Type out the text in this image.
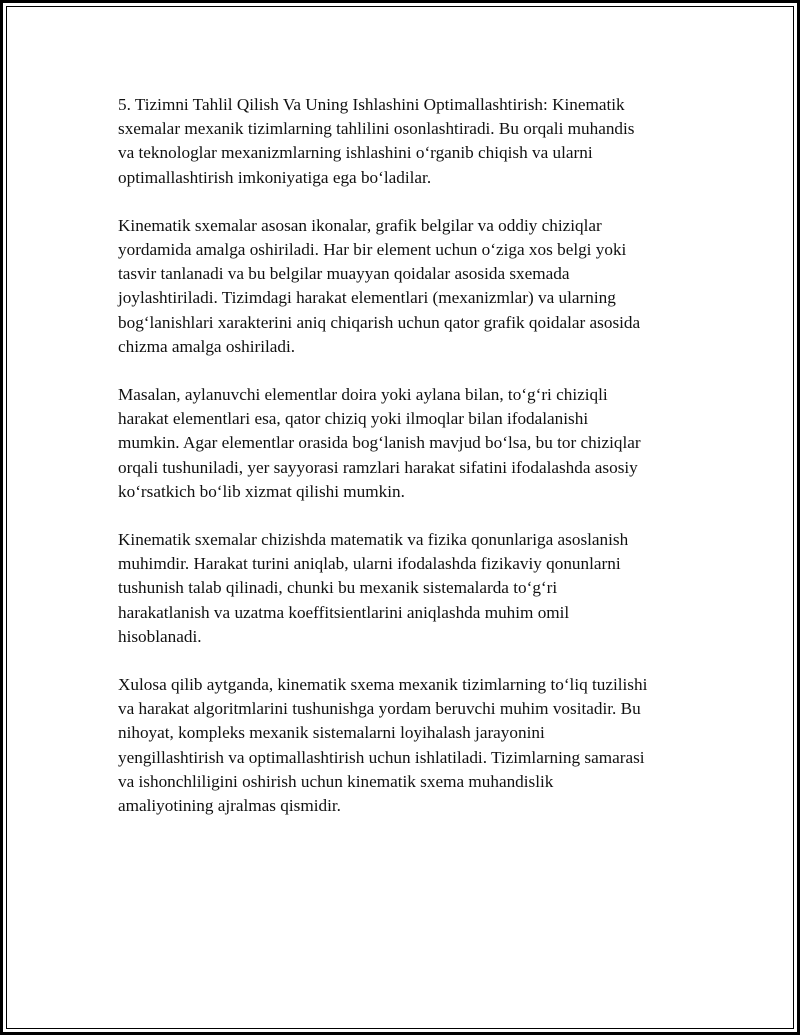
5. Tizimni Tahlil Qilish Va Uning Ishlashini Optimallashtirish: Kinematik
sxemalar mexanik tizimlarning tahlilini osonlashtiradi. Bu orqali muhandis
va teknologlar mexanizmlarning ishlashini o‘rganib chiqish va ularni
optimallashtirish imkoniyatiga ega bo‘ladilar.

Kinematik sxemalar asosan ikonalar, grafik belgilar va oddiy chiziqlar
yordamida amalga oshiriladi. Har bir element uchun o‘ziga xos belgi yoki
tasvir tanlanadi va bu belgilar muayyan qoidalar asosida sxemada
joylashtiriladi. Tizimdagi harakat elementlari (mexanizmlar) va ularning
bog‘lanishlari xarakterini aniq chiqarish uchun qator grafik qoidalar asosida
chizma amalga oshiriladi.

Masalan, aylanuvchi elementlar doira yoki aylana bilan, to‘g‘ri chiziqli
harakat elementlari esa, qator chiziq yoki ilmoqlar bilan ifodalanishi
mumkin. Agar elementlar orasida bog‘lanish mavjud bo‘lsa, bu tor chiziqlar
orqali tushuniladi, yer sayyorasi ramzlari harakat sifatini ifodalashda asosiy
ko‘rsatkich bo‘lib xizmat qilishi mumkin.

Kinematik sxemalar chizishda matematik va fizika qonunlariga asoslanish
muhimdir. Harakat turini aniqlab, ularni ifodalashda fizikaviy qonunlarni
tushunish talab qilinadi, chunki bu mexanik sistemalarda to‘g‘ri
harakatlanish va uzatma koeffitsientlarini aniqlashda muhim omil
hisoblanadi.

Xulosa qilib aytganda, kinematik sxema mexanik tizimlarning to‘liq tuzilishi
va harakat algoritmlarini tushunishga yordam beruvchi muhim vositadir. Bu
nihoyat, kompleks mexanik sistemalarni loyihalash jarayonini
yengillashtirish va optimallashtirish uchun ishlatiladi. Tizimlarning samarasi
va ishonchliligini oshirish uchun kinematik sxema muhandislik
amaliyotining ajralmas qismidir.
